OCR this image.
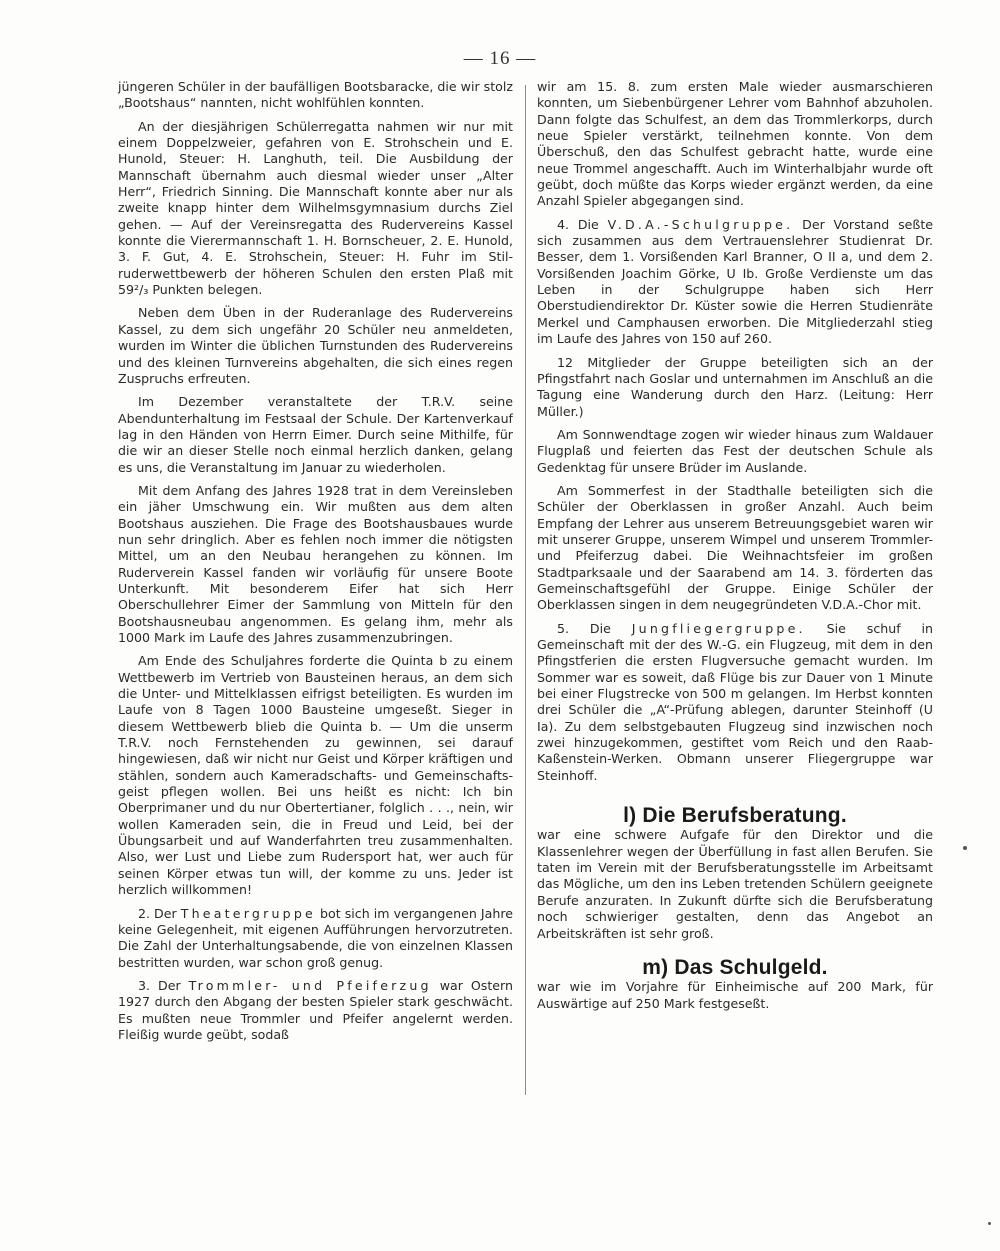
— 16 —

jüngeren Schüler in der baufälligen Bootsbaracke, die wir stolz „Bootshaus“ nannten, nicht wohlfühlen konnten.

An der diesjährigen Schülerregatta nahmen wir nur mit einem Doppelzweier, gefahren von E. Strohschein und E. Hunold, Steuer: H. Langhuth, teil. Die Ausbildung der Mannschaft übernahm auch diesmal wieder unser „Alter Herr“, Friedrich Sinning. Die Mannschaft konnte aber nur als zweite knapp hinter dem Wilhelmsgymnasium durchs Ziel gehen. — Auf der Vereinsregatta des Rudervereins Kassel konnte die Vierermannschaft 1. H. Bornscheuer, 2. E. Hunold, 3. F. Gut, 4. E. Strohschein, Steuer: H. Fuhr im Stilruderwettbewerb der höheren Schulen den ersten Plaß mit 59²/₃ Punkten belegen.

Neben dem Üben in der Ruderanlage des Rudervereins Kassel, zu dem sich ungefähr 20 Schüler neu anmeldeten, wurden im Winter die üblichen Turnstunden des Rudervereins und des kleinen Turnvereins abgehalten, die sich eines regen Zuspruchs erfreuten.

Im Dezember veranstaltete der T.R.V. seine Abendunterhaltung im Festsaal der Schule. Der Kartenverkauf lag in den Händen von Herrn Eimer. Durch seine Mithilfe, für die wir an dieser Stelle noch einmal herzlich danken, gelang es uns, die Veranstaltung im Januar zu wiederholen.

Mit dem Anfang des Jahres 1928 trat in dem Vereinsleben ein jäher Umschwung ein. Wir mußten aus dem alten Bootshaus ausziehen. Die Frage des Bootshausbaues wurde nun sehr dringlich. Aber es fehlen noch immer die nötigsten Mittel, um an den Neubau herangehen zu können. Im Ruderverein Kassel fanden wir vorläufig für unsere Boote Unterkunft. Mit besonderem Eifer hat sich Herr Oberschullehrer Eimer der Sammlung von Mitteln für den Bootshausneubau angenommen. Es gelang ihm, mehr als 1000 Mark im Laufe des Jahres zusammenzubringen.

Am Ende des Schuljahres forderte die Quinta b zu einem Wettbewerb im Vertrieb von Bausteinen heraus, an dem sich die Unter- und Mittelklassen eifrigst beteiligten. Es wurden im Laufe von 8 Tagen 1000 Bausteine umgeseßt. Sieger in diesem Wettbewerb blieb die Quinta b. — Um die unserm T.R.V. noch Fernstehenden zu gewinnen, sei darauf hingewiesen, daß wir nicht nur Geist und Körper kräftigen und stählen, sondern auch Kameradschafts- und Gemeinschaftsgeist pflegen wollen. Bei uns heißt es nicht: Ich bin Oberprimaner und du nur Obertertianer, folglich . . ., nein, wir wollen Kameraden sein, die in Freud und Leid, bei der Übungsarbeit und auf Wanderfahrten treu zusammenhalten. Also, wer Lust und Liebe zum Rudersport hat, wer auch für seinen Körper etwas tun will, der komme zu uns. Jeder ist herzlich willkommen!

2. Der Theatergruppe bot sich im vergangenen Jahre keine Gelegenheit, mit eigenen Aufführungen hervorzutreten. Die Zahl der Unterhaltungsabende, die von einzelnen Klassen bestritten wurden, war schon groß genug.

3. Der Trommler- und Pfeiferzug war Ostern 1927 durch den Abgang der besten Spieler stark geschwächt. Es mußten neue Trommler und Pfeifer angelernt werden. Fleißig wurde geübt, sodaß

wir am 15. 8. zum ersten Male wieder ausmarschieren konnten, um Siebenbürgener Lehrer vom Bahnhof abzuholen. Dann folgte das Schulfest, an dem das Trommlerkorps, durch neue Spieler verstärkt, teilnehmen konnte. Von dem Überschuß, den das Schulfest gebracht hatte, wurde eine neue Trommel angeschafft. Auch im Winterhalbjahr wurde oft geübt, doch müßte das Korps wieder ergänzt werden, da eine Anzahl Spieler abgegangen sind.

4. Die V.D.A.-Schulgruppe. Der Vorstand seßte sich zusammen aus dem Vertrauenslehrer Studienrat Dr. Besser, dem 1. Vorsißenden Karl Branner, O II a, und dem 2. Vorsißenden Joachim Görke, U Ib. Große Verdienste um das Leben in der Schulgruppe haben sich Herr Oberstudiendirektor Dr. Küster sowie die Herren Studienräte Merkel und Camphausen erworben. Die Mitgliederzahl stieg im Laufe des Jahres von 150 auf 260.

12 Mitglieder der Gruppe beteiligten sich an der Pfingstfahrt nach Goslar und unternahmen im Anschluß an die Tagung eine Wanderung durch den Harz. (Leitung: Herr Müller.)

Am Sonnwendtage zogen wir wieder hinaus zum Waldauer Flugplaß und feierten das Fest der deutschen Schule als Gedenktag für unsere Brüder im Auslande.

Am Sommerfest in der Stadthalle beteiligten sich die Schüler der Oberklassen in großer Anzahl. Auch beim Empfang der Lehrer aus unserem Betreuungsgebiet waren wir mit unserer Gruppe, unserem Wimpel und unserem Trommler- und Pfeiferzug dabei. Die Weihnachtsfeier im großen Stadtparksaale und der Saarabend am 14. 3. förderten das Gemeinschaftsgefühl der Gruppe. Einige Schüler der Oberklassen singen in dem neugegründeten V.D.A.-Chor mit.

5. Die Jungfliegergruppe. Sie schuf in Gemeinschaft mit der des W.-G. ein Flugzeug, mit dem in den Pfingstferien die ersten Flugversuche gemacht wurden. Im Sommer war es soweit, daß Flüge bis zur Dauer von 1 Minute bei einer Flugstrecke von 500 m gelangen. Im Herbst konnten drei Schüler die „A“-Prüfung ablegen, darunter Steinhoff (U Ia). Zu dem selbstgebauten Flugzeug sind inzwischen noch zwei hinzugekommen, gestiftet vom Reich und den Raab-Kaßenstein-Werken. Obmann unserer Fliegergruppe war Steinhoff.

l) Die Berufsberatung.

war eine schwere Aufgafe für den Direktor und die Klassenlehrer wegen der Überfüllung in fast allen Berufen. Sie taten im Verein mit der Berufsberatungsstelle im Arbeitsamt das Mögliche, um den ins Leben tretenden Schülern geeignete Berufe anzuraten. In Zukunft dürfte sich die Berufsberatung noch schwieriger gestalten, denn das Angebot an Arbeitskräften ist sehr groß.

m) Das Schulgeld.

war wie im Vorjahre für Einheimische auf 200 Mark, für Auswärtige auf 250 Mark festgeseßt.
